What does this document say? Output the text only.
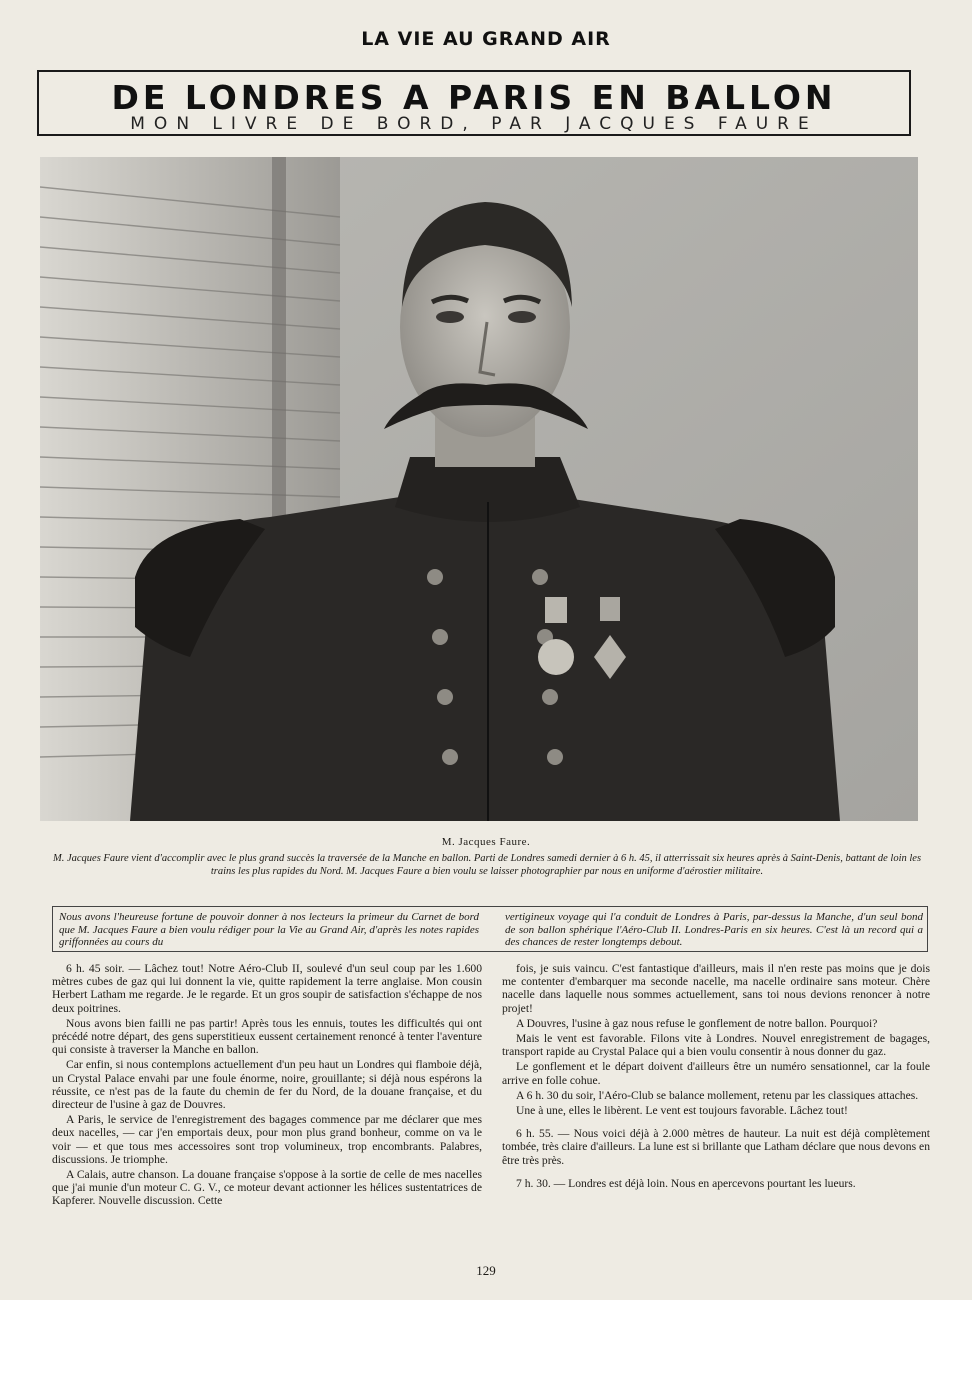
LA VIE AU GRAND AIR
DE LONDRES A PARIS EN BALLON
MON LIVRE DE BORD, PAR JACQUES FAURE
M. Jacques Faure.
M. Jacques Faure vient d'accomplir avec le plus grand succès la traversée de la Manche en ballon. Parti de Londres samedi dernier à 6 h. 45, il atterrissait six heures après à Saint-Denis, battant de loin les trains les plus rapides du Nord. M. Jacques Faure a bien voulu se laisser photographier par nous en uniforme d'aérostier militaire.
Nous avons l'heureuse fortune de pouvoir donner à nos lecteurs la primeur du Carnet de bord que M. Jacques Faure a bien voulu rédiger pour la Vie au Grand Air, d'après les notes rapides griffonnées au cours du
vertigineux voyage qui l'a conduit de Londres à Paris, par-dessus la Manche, d'un seul bond de son ballon sphérique l'Aéro-Club II. Londres-Paris en six heures. C'est là un record qui a des chances de rester longtemps debout.

6 h. 45 soir. — Lâchez tout! Notre Aéro-Club II, soulevé d'un seul coup par les 1.600 mètres cubes de gaz qui lui donnent la vie, quitte rapidement la terre anglaise. Mon cousin Herbert Latham me regarde. Je le regarde. Et un gros soupir de satisfaction s'échappe de nos deux poitrines.

Nous avons bien failli ne pas partir! Après tous les ennuis, toutes les difficultés qui ont précédé notre départ, des gens superstitieux eussent certainement renoncé à tenter l'aventure qui consiste à traverser la Manche en ballon.

Car enfin, si nous contemplons actuellement d'un peu haut un Londres qui flamboie déjà, un Crystal Palace envahi par une foule énorme, noire, grouillante; si déjà nous espérons la réussite, ce n'est pas de la faute du chemin de fer du Nord, de la douane française, et du directeur de l'usine à gaz de Douvres.

A Paris, le service de l'enregistrement des bagages commence par me déclarer que mes deux nacelles, — car j'en emportais deux, pour mon plus grand bonheur, comme on va le voir — et que tous mes accessoires sont trop volumineux, trop encombrants. Palabres, discussions. Je triomphe.

A Calais, autre chanson. La douane française s'oppose à la sortie de celle de mes nacelles que j'ai munie d'un moteur C. G. V., ce moteur devant actionner les hélices sustentatrices de Kapferer. Nouvelle discussion. Cette

fois, je suis vaincu. C'est fantastique d'ailleurs, mais il n'en reste pas moins que je dois me contenter d'embarquer ma seconde nacelle, ma nacelle ordinaire sans moteur. Chère nacelle dans laquelle nous sommes actuellement, sans toi nous devions renoncer à notre projet!

A Douvres, l'usine à gaz nous refuse le gonflement de notre ballon. Pourquoi?

Mais le vent est favorable. Filons vite à Londres. Nouvel enregistrement de bagages, transport rapide au Crystal Palace qui a bien voulu consentir à nous donner du gaz.

Le gonflement et le départ doivent d'ailleurs être un numéro sensationnel, car la foule arrive en folle cohue.

A 6 h. 30 du soir, l'Aéro-Club se balance mollement, retenu par les classiques attaches.

Une à une, elles le libèrent. Le vent est toujours favorable. Lâchez tout!

6 h. 55. — Nous voici déjà à 2.000 mètres de hauteur. La nuit est déjà complètement tombée, très claire d'ailleurs. La lune est si brillante que Latham déclare que nous devons en être très près.

7 h. 30. — Londres est déjà loin. Nous en apercevons pourtant les lueurs.

129
